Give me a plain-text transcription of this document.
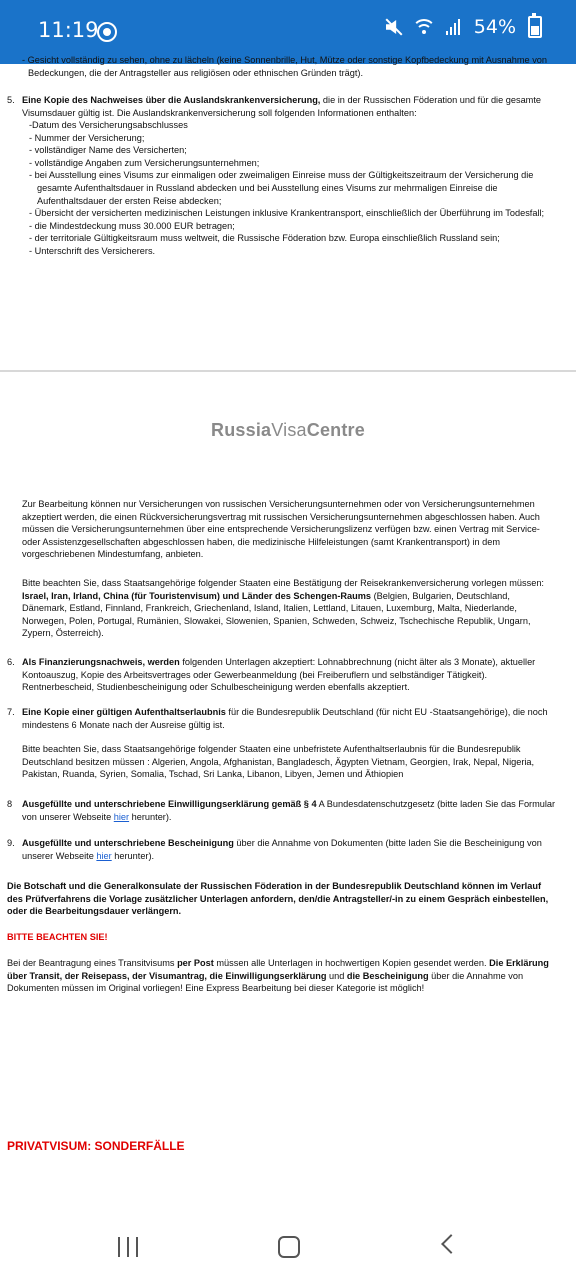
11:19	54%
- Gesicht vollständig zu sehen, ohne zu lächeln (keine Sonnenbrille, Hut, Mütze oder sonstige Kopfbedeckung mit Ausnahme von
Bedeckungen, die der Antragsteller aus religiösen oder ethnischen Gründen trägt).
5. Eine Kopie des Nachweises über die Auslandskrankenversicherung, die in der Russischen Föderation und für die gesamte
Visumsdauer gültig ist. Die Auslandskrankenversicherung soll folgenden Informationen enthalten:
-Datum des Versicherungsabschlusses
- Nummer der Versicherung;
- vollständiger Name des Versicherten;
- vollständige Angaben zum Versicherungsunternehmen;
- bei Ausstellung eines Visums zur einmaligen oder zweimaligen Einreise muss der Gültigkeitszeitraum der Versicherung die
gesamte Aufenthaltsdauer in Russland abdecken und bei Ausstellung eines Visums zur mehrmaligen Einreise die
Aufenthaltsdauer der ersten Reise abdecken;
- Übersicht der versicherten medizinischen Leistungen inklusive Krankentransport, einschließlich der Überführung im Todesfall;
- die Mindestdeckung muss 30.000 EUR betragen;
- der territoriale Gültigkeitsraum muss weltweit, die Russische Föderation bzw. Europa einschließlich Russland sein;
- Unterschrift des Versicherers.
RussiaVisaCentre
Zur Bearbeitung können nur Versicherungen von russischen Versicherungsunternehmen oder von Versicherungsunternehmen
akzeptiert werden, die einen Rückversicherungsvertrag mit russischen Versicherungsunternehmen abgeschlossen haben. Auch
müssen die Versicherungsunternehmen über eine entsprechende Versicherungslizenz verfügen bzw. einen Vertrag mit Service-
oder Assistenzgesellschaften abgeschlossen haben, die medizinische Hilfeleistungen (samt Krankentransport) in dem
vorgeschriebenen Mindestumfang, anbieten.
Bitte beachten Sie, dass Staatsangehörige folgender Staaten eine Bestätigung der Reisekrankenversicherung vorlegen müssen:
Israel, Iran, Irland, China (für Touristenvisum) und Länder des Schengen-Raums (Belgien, Bulgarien, Deutschland,
Dänemark, Estland, Finnland, Frankreich, Griechenland, Island, Italien, Lettland, Litauen, Luxemburg, Malta, Niederlande,
Norwegen, Polen, Portugal, Rumänien, Slowakei, Slowenien, Spanien, Schweden, Schweiz, Tschechische Republik, Ungarn,
Zypern, Österreich).
6. Als Finanzierungsnachweis, werden folgenden Unterlagen akzeptiert: Lohnabbrechnung (nicht älter als 3 Monate), aktueller
Kontoauszug, Kopie des Arbeitsvertrages oder Gewerbeanmeldung (bei Freiberuflern und selbständiger Tätigkeit).
Rentnerbescheid, Studienbescheinigung oder Schulbescheinigung werden ebenfalls akzeptiert.
7. Eine Kopie einer gültigen Aufenthaltserlaubnis für die Bundesrepublik Deutschland (für nicht EU -Staatsangehörige), die noch
mindestens 6 Monate nach der Ausreise gültig ist.
Bitte beachten Sie, dass Staatsangehörige folgender Staaten eine unbefristete Aufenthaltserlaubnis für die Bundesrepublik
Deutschland besitzen müssen : Algerien, Angola, Afghanistan, Bangladesch, Ägypten Vietnam, Georgien, Irak, Nepal, Nigeria,
Pakistan, Ruanda, Syrien, Somalia, Tschad, Sri Lanka, Libanon, Libyen, Jemen und Äthiopien
8 Ausgefüllte und unterschriebene Einwilligungserklärung gemäß § 4 A Bundesdatenschutzgesetz (bitte laden Sie das Formular
von unserer Webseite hier herunter).
9. Ausgefüllte und unterschriebene Bescheinigung über die Annahme von Dokumenten (bitte laden Sie die Bescheinigung von
unserer Webseite hier herunter).
Die Botschaft und die Generalkonsulate der Russischen Föderation in der Bundesrepublik Deutschland können im Verlauf
des Prüfverfahrens die Vorlage zusätzlicher Unterlagen anfordern, den/die Antragsteller/-in zu einem Gespräch einbestellen,
oder die Bearbeitungsdauer verlängern.
BITTE BEACHTEN SIE!
Bei der Beantragung eines Transitvisums per Post müssen alle Unterlagen in hochwertigen Kopien gesendet werden. Die Erklärung
über Transit, der Reisepass, der Visumantrag, die Einwilligungserklärung und die Bescheinigung über die Annahme von
Dokumenten müssen im Original vorliegen! Eine Express Bearbeitung bei dieser Kategorie ist möglich!
PRIVATVISUM: SONDERFÄLLE
